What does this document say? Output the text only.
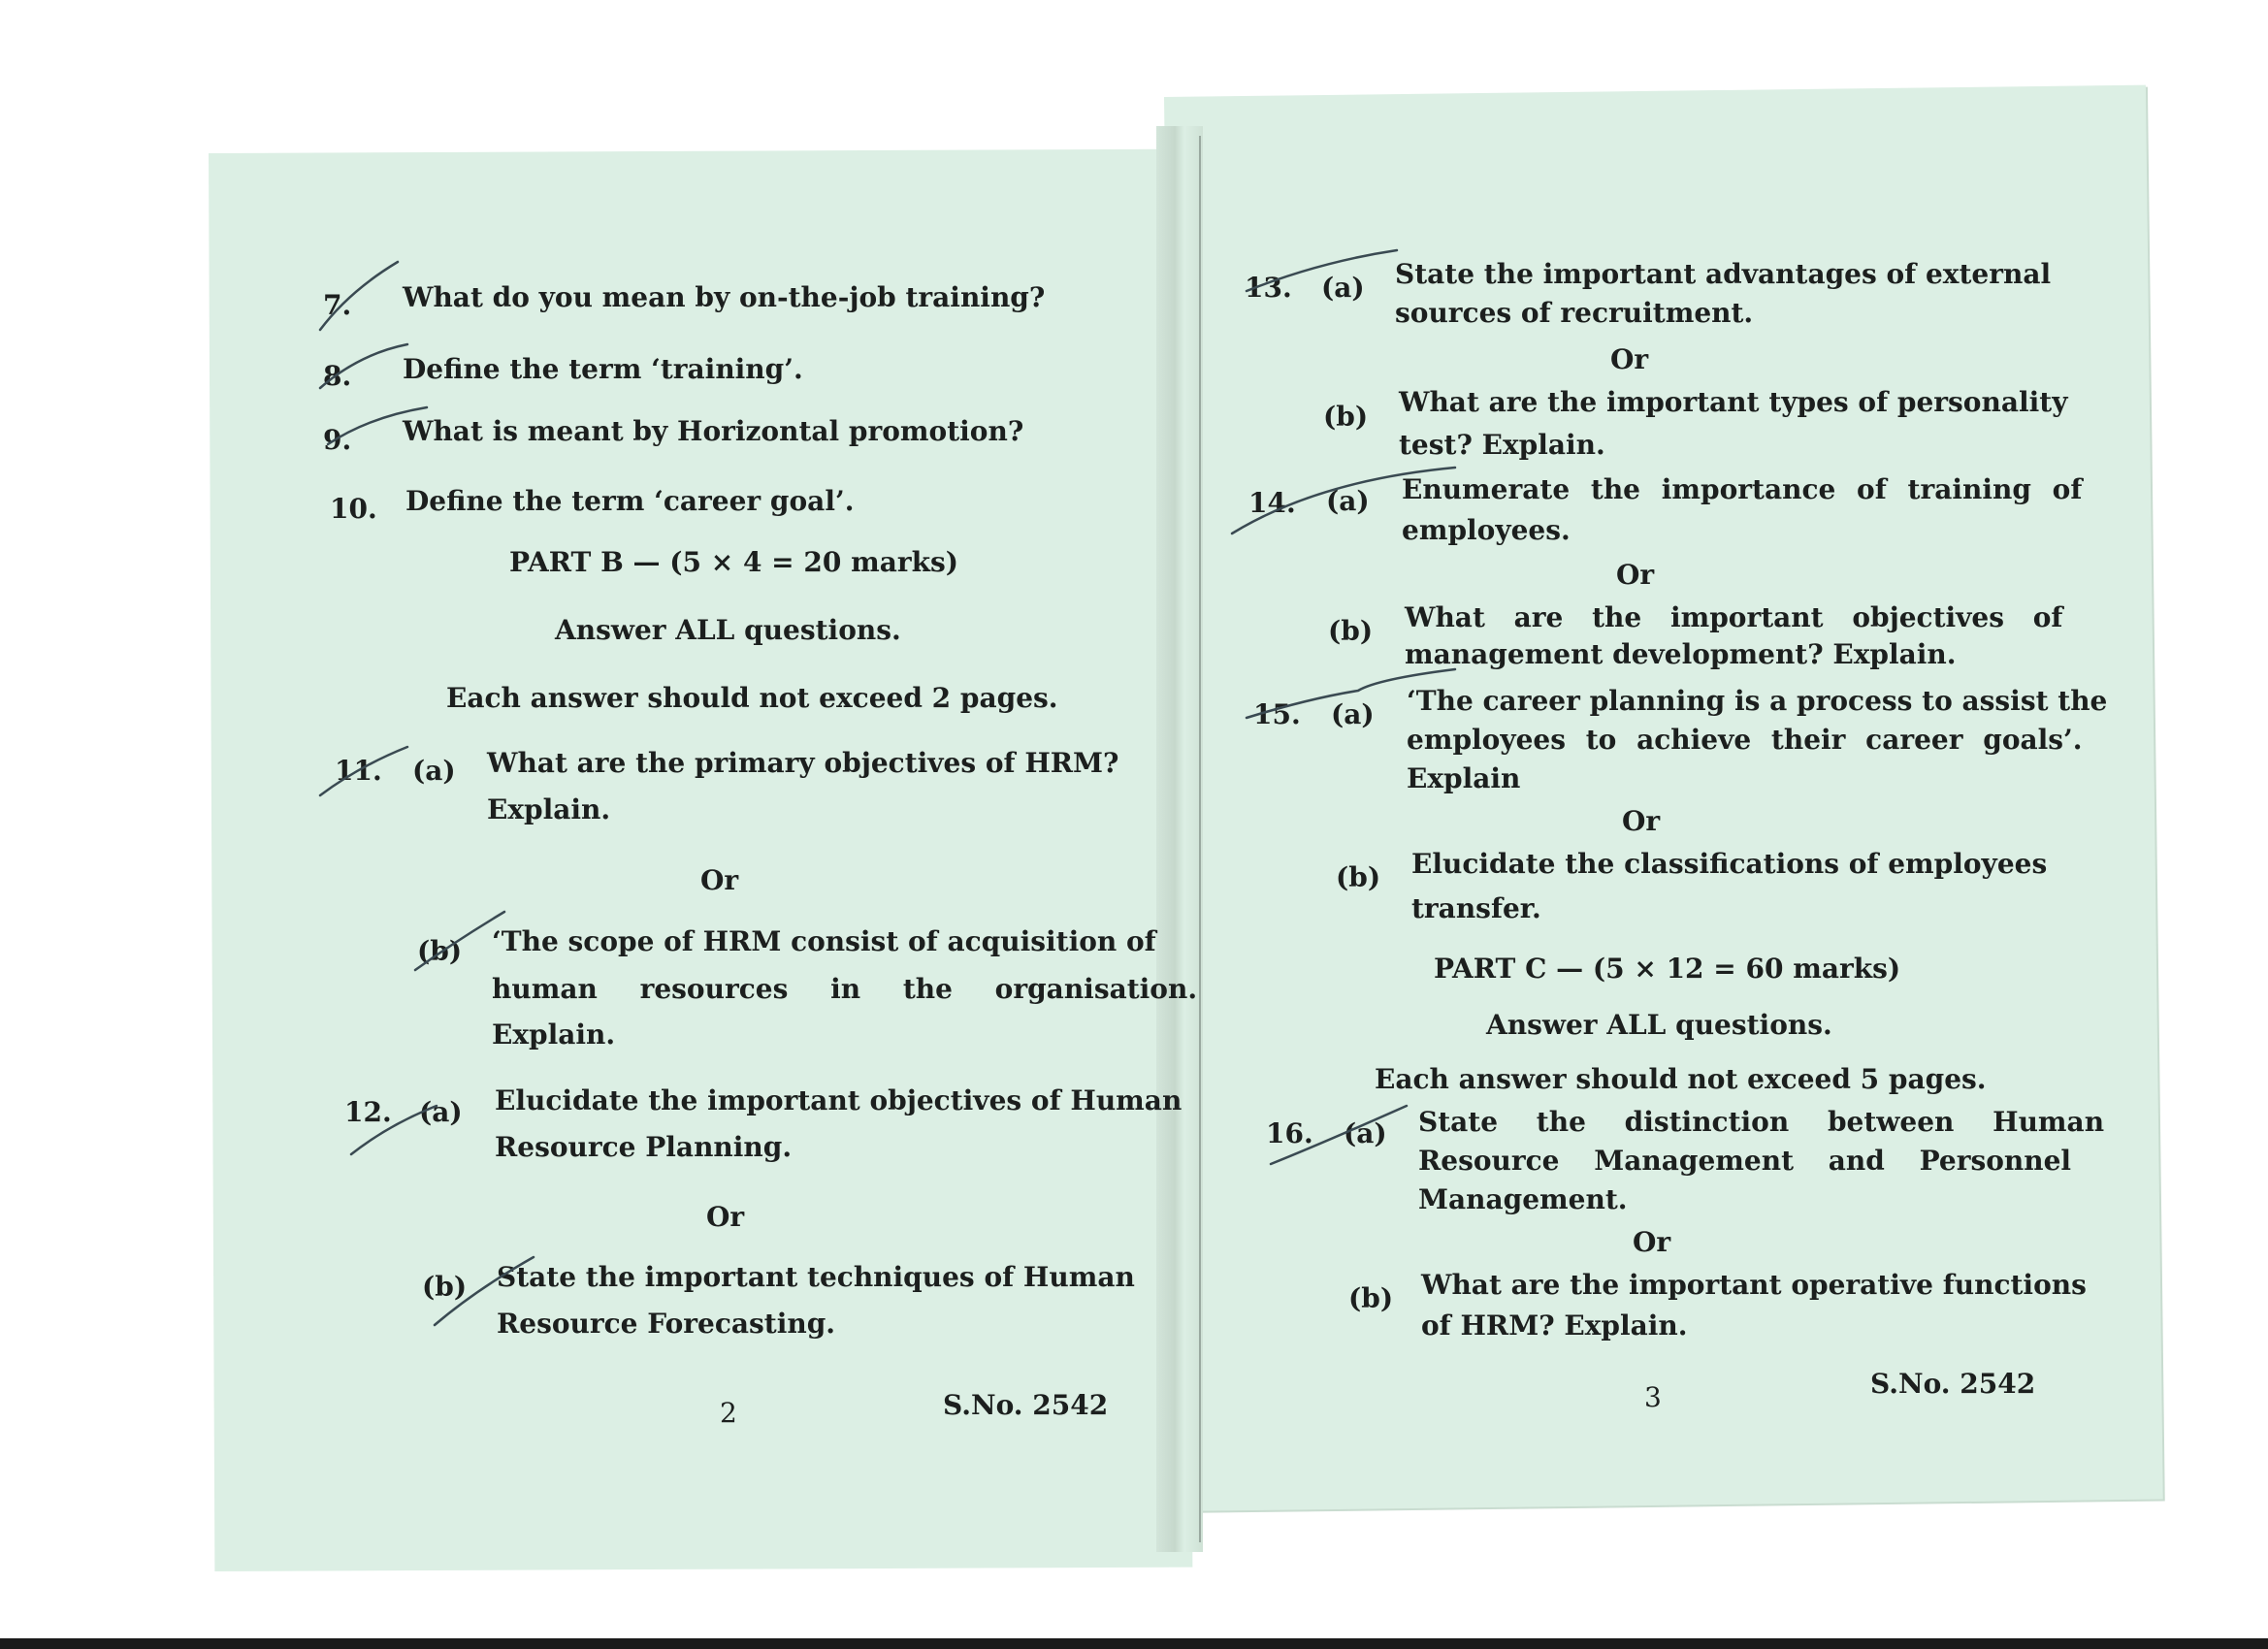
7. What do you mean by on-the-job training?
8. Define the term ‘training’.
9. What is meant by Horizontal promotion?
10. Define the term ‘career goal’.
PART B — (5 × 4 = 20 marks)
Answer ALL questions.
Each answer should not exceed 2 pages.
11. (a) What are the primary objectives of HRM?
Explain.
Or
(b) ‘The scope of HRM consist of acquisition of
human resources in the organisation.
Explain.
12. (a) Elucidate the important objectives of Human
Resource Planning.
Or
(b) State the important techniques of Human
Resource Forecasting.
2	S.No. 2542
13. (a) State the important advantages of external
sources of recruitment.
Or
(b) What are the important types of personality
test? Explain.
14. (a) Enumerate the importance of training of
employees.
Or
(b) What are the important objectives of
management development? Explain.
15. (a) ‘The career planning is a process to assist the
employees to achieve their career goals’.
Explain
Or
(b) Elucidate the classifications of employees
transfer.
PART C — (5 × 12 = 60 marks)
Answer ALL questions.
Each answer should not exceed 5 pages.
16. (a) State the distinction between Human
Resource Management and Personnel
Management.
Or
(b) What are the important operative functions
of HRM? Explain.
3	S.No. 2542
